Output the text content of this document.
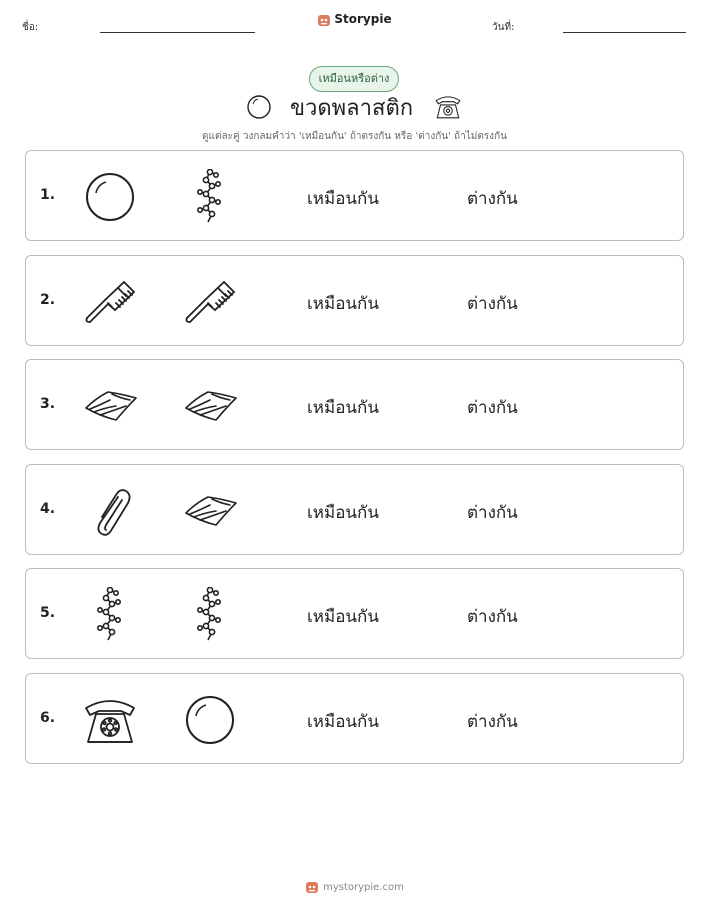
ชื่อ:
Storypie
วันที่:
เหมือนหรือต่าง
ขวดพลาสติก
ดูแต่ละคู่ วงกลมคำว่า 'เหมือนกัน' ถ้าตรงกัน หรือ 'ต่างกัน' ถ้าไม่ตรงกัน
1.	เหมือนกัน	ต่างกัน
2.	เหมือนกัน	ต่างกัน
3.	เหมือนกัน	ต่างกัน
4.	เหมือนกัน	ต่างกัน
5.	เหมือนกัน	ต่างกัน
6.	เหมือนกัน	ต่างกัน
mystorypie.com
